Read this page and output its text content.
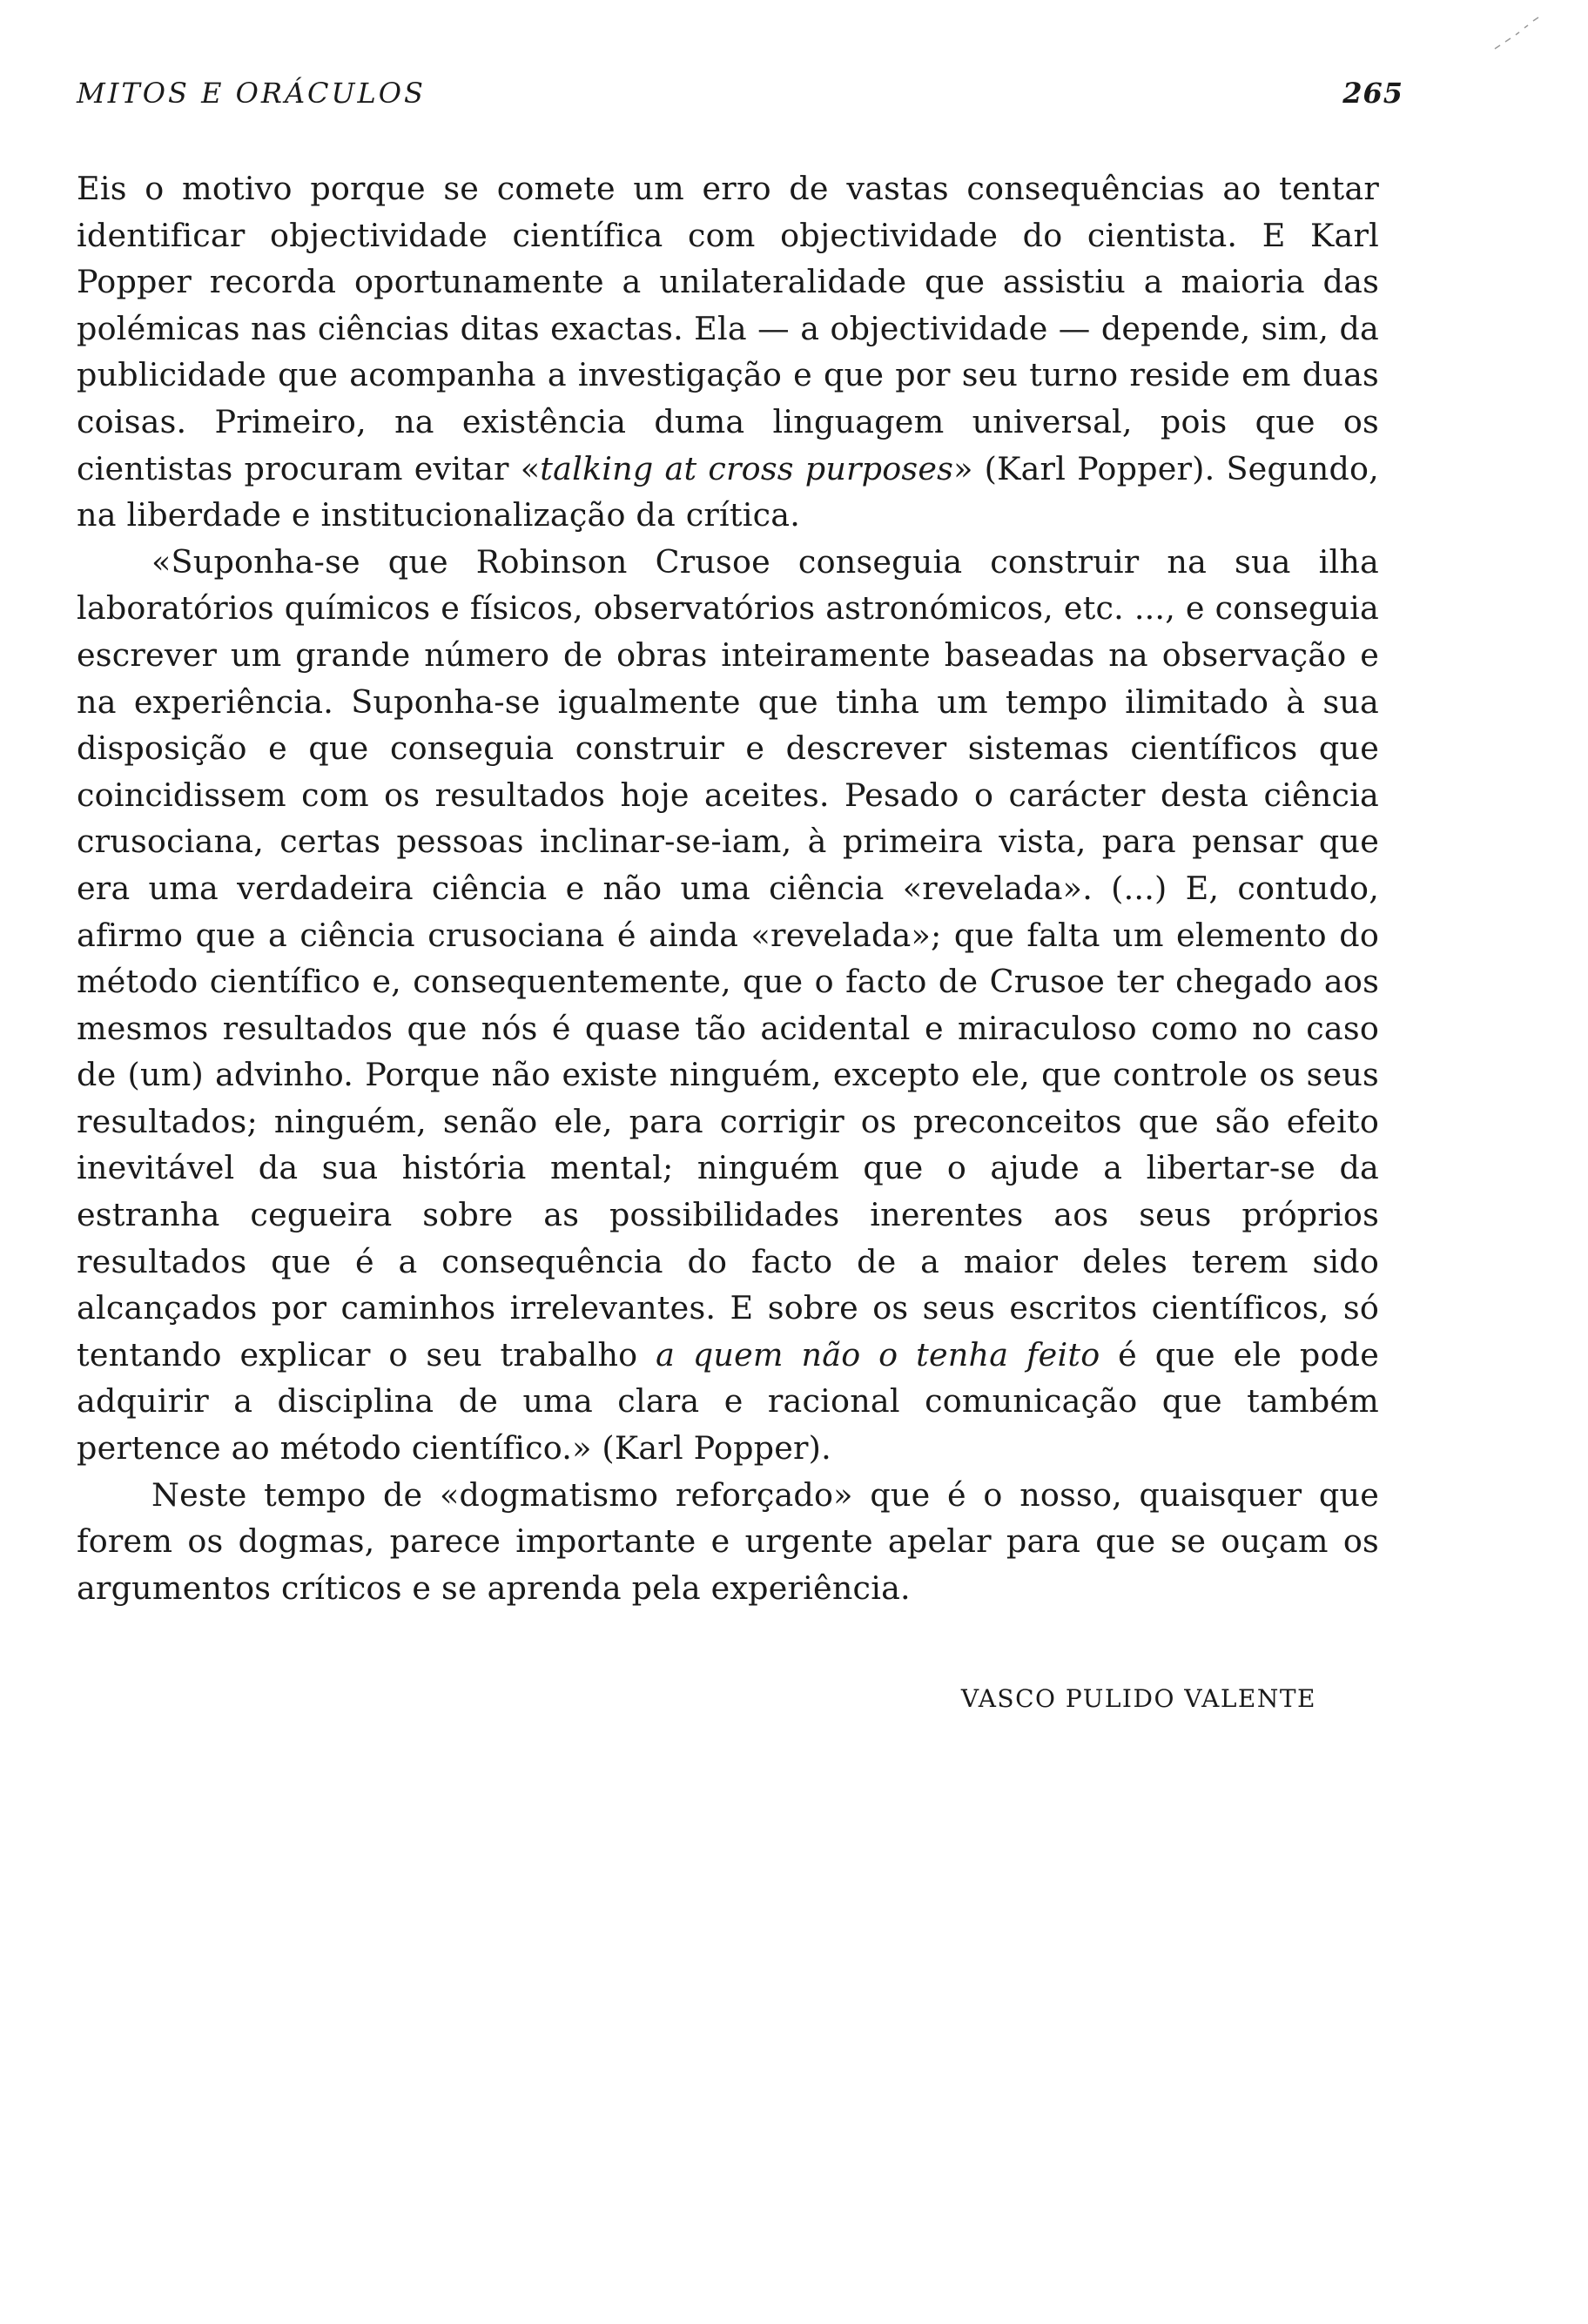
MITOS E ORÁCULOS	265

Eis o motivo porque se comete um erro de vastas consequências ao tentar identificar objectividade científica com objectividade do cientista. E Karl Popper recorda oportunamente a unilateralidade que assistiu a maioria das polémicas nas ciências ditas exactas. Ela — a objectividade — depende, sim, da publicidade que acompanha a investigação e que por seu turno reside em duas coisas. Primeiro, na existência duma linguagem universal, pois que os cientistas procuram evitar «talking at cross purposes» (Karl Popper). Segundo, na liberdade e institucionalização da crítica.

«Suponha-se que Robinson Crusoe conseguia construir na sua ilha laboratórios químicos e físicos, observatórios astronómicos, etc. ..., e conseguia escrever um grande número de obras inteiramente baseadas na observação e na experiência. Suponha-se igualmente que tinha um tempo ilimitado à sua disposição e que conseguia construir e descrever sistemas científicos que coincidissem com os resultados hoje aceites. Pesado o carácter desta ciência crusociana, certas pessoas inclinar-se-iam, à primeira vista, para pensar que era uma verdadeira ciência e não uma ciência «revelada». (...) E, contudo, afirmo que a ciência crusociana é ainda «revelada»; que falta um elemento do método científico e, consequentemente, que o facto de Crusoe ter chegado aos mesmos resultados que nós é quase tão acidental e miraculoso como no caso de (um) advinho. Porque não existe ninguém, excepto ele, que controle os seus resultados; ninguém, senão ele, para corrigir os preconceitos que são efeito inevitável da sua história mental; ninguém que o ajude a libertar-se da estranha cegueira sobre as possibilidades inerentes aos seus próprios resultados que é a consequência do facto de a maior deles terem sido alcançados por caminhos irrelevantes. E sobre os seus escritos científicos, só tentando explicar o seu trabalho a quem não o tenha feito é que ele pode adquirir a disciplina de uma clara e racional comunicação que também pertence ao método científico.» (Karl Popper).

Neste tempo de «dogmatismo reforçado» que é o nosso, quaisquer que forem os dogmas, parece importante e urgente apelar para que se ouçam os argumentos críticos e se aprenda pela experiência.

VASCO PULIDO VALENTE
